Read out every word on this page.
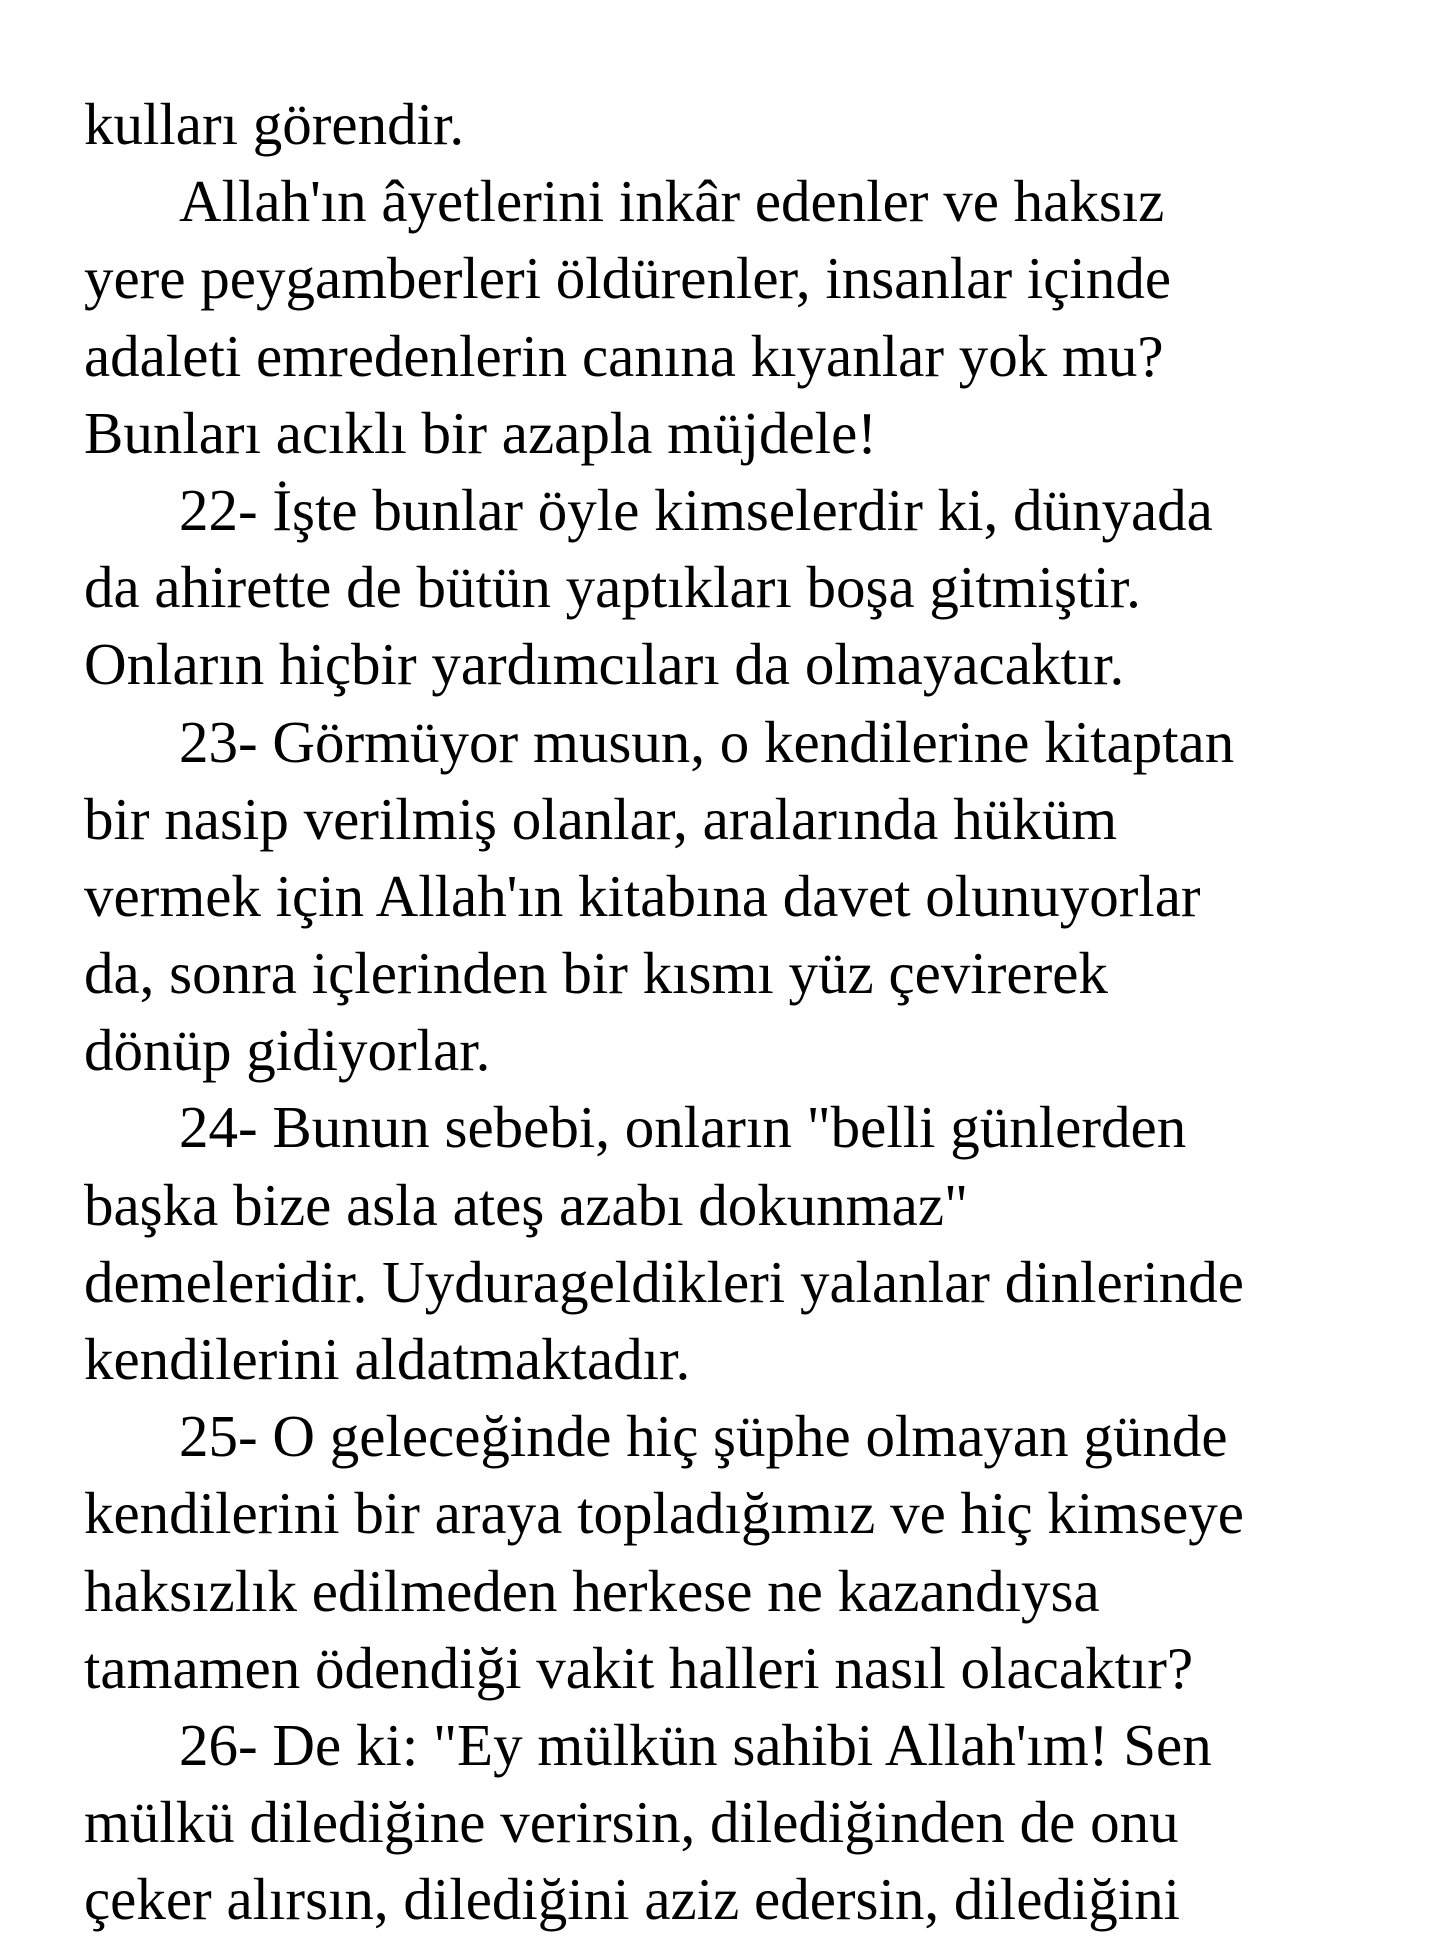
kulları görendir.
Allah'ın âyetlerini inkâr edenler ve haksız
yere peygamberleri öldürenler, insanlar içinde
adaleti emredenlerin canına kıyanlar yok mu?
Bunları acıklı bir azapla müjdele!
22- İşte bunlar öyle kimselerdir ki, dünyada
da ahirette de bütün yaptıkları boşa gitmiştir.
Onların hiçbir yardımcıları da olmayacaktır.
23- Görmüyor musun, o kendilerine kitaptan
bir nasip verilmiş olanlar, aralarında hüküm
vermek için Allah'ın kitabına davet olunuyorlar
da, sonra içlerinden bir kısmı yüz çevirerek
dönüp gidiyorlar.
24- Bunun sebebi, onların "belli günlerden
başka bize asla ateş azabı dokunmaz"
demeleridir. Uydurageldikleri yalanlar dinlerinde
kendilerini aldatmaktadır.
25- O geleceğinde hiç şüphe olmayan günde
kendilerini bir araya topladığımız ve hiç kimseye
haksızlık edilmeden herkese ne kazandıysa
tamamen ödendiği vakit halleri nasıl olacaktır?
26- De ki: "Ey mülkün sahibi Allah'ım! Sen
mülkü dilediğine verirsin, dilediğinden de onu
çeker alırsın, dilediğini aziz edersin, dilediğini
